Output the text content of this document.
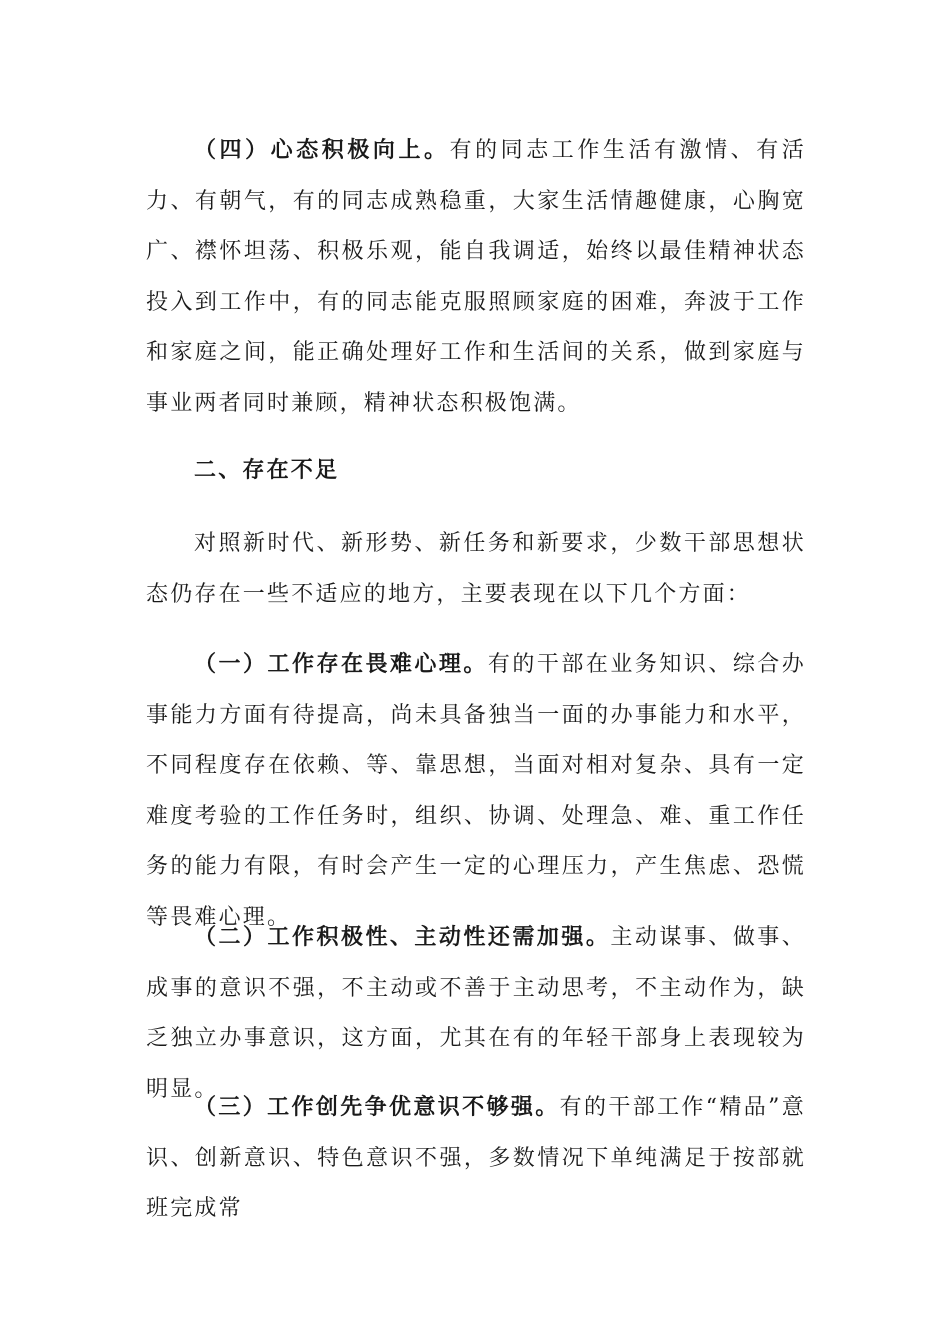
（四）心态积极向上。有的同志工作生活有激情、有活力、有朝气，有的同志成熟稳重，大家生活情趣健康，心胸宽广、襟怀坦荡、积极乐观，能自我调适，始终以最佳精神状态投入到工作中，有的同志能克服照顾家庭的困难，奔波于工作和家庭之间，能正确处理好工作和生活间的关系，做到家庭与事业两者同时兼顾，精神状态积极饱满。

二、存在不足

对照新时代、新形势、新任务和新要求，少数干部思想状态仍存在一些不适应的地方，主要表现在以下几个方面：

（一）工作存在畏难心理。有的干部在业务知识、综合办事能力方面有待提高，尚未具备独当一面的办事能力和水平，不同程度存在依赖、等、靠思想，当面对相对复杂、具有一定难度考验的工作任务时，组织、协调、处理急、难、重工作任务的能力有限，有时会产生一定的心理压力，产生焦虑、恐慌等畏难心理。

（二）工作积极性、主动性还需加强。主动谋事、做事、成事的意识不强，不主动或不善于主动思考，不主动作为，缺乏独立办事意识，这方面，尤其在有的年轻干部身上表现较为明显。

（三）工作创先争优意识不够强。有的干部工作“精品”意识、创新意识、特色意识不强，多数情况下单纯满足于按部就班完成常
